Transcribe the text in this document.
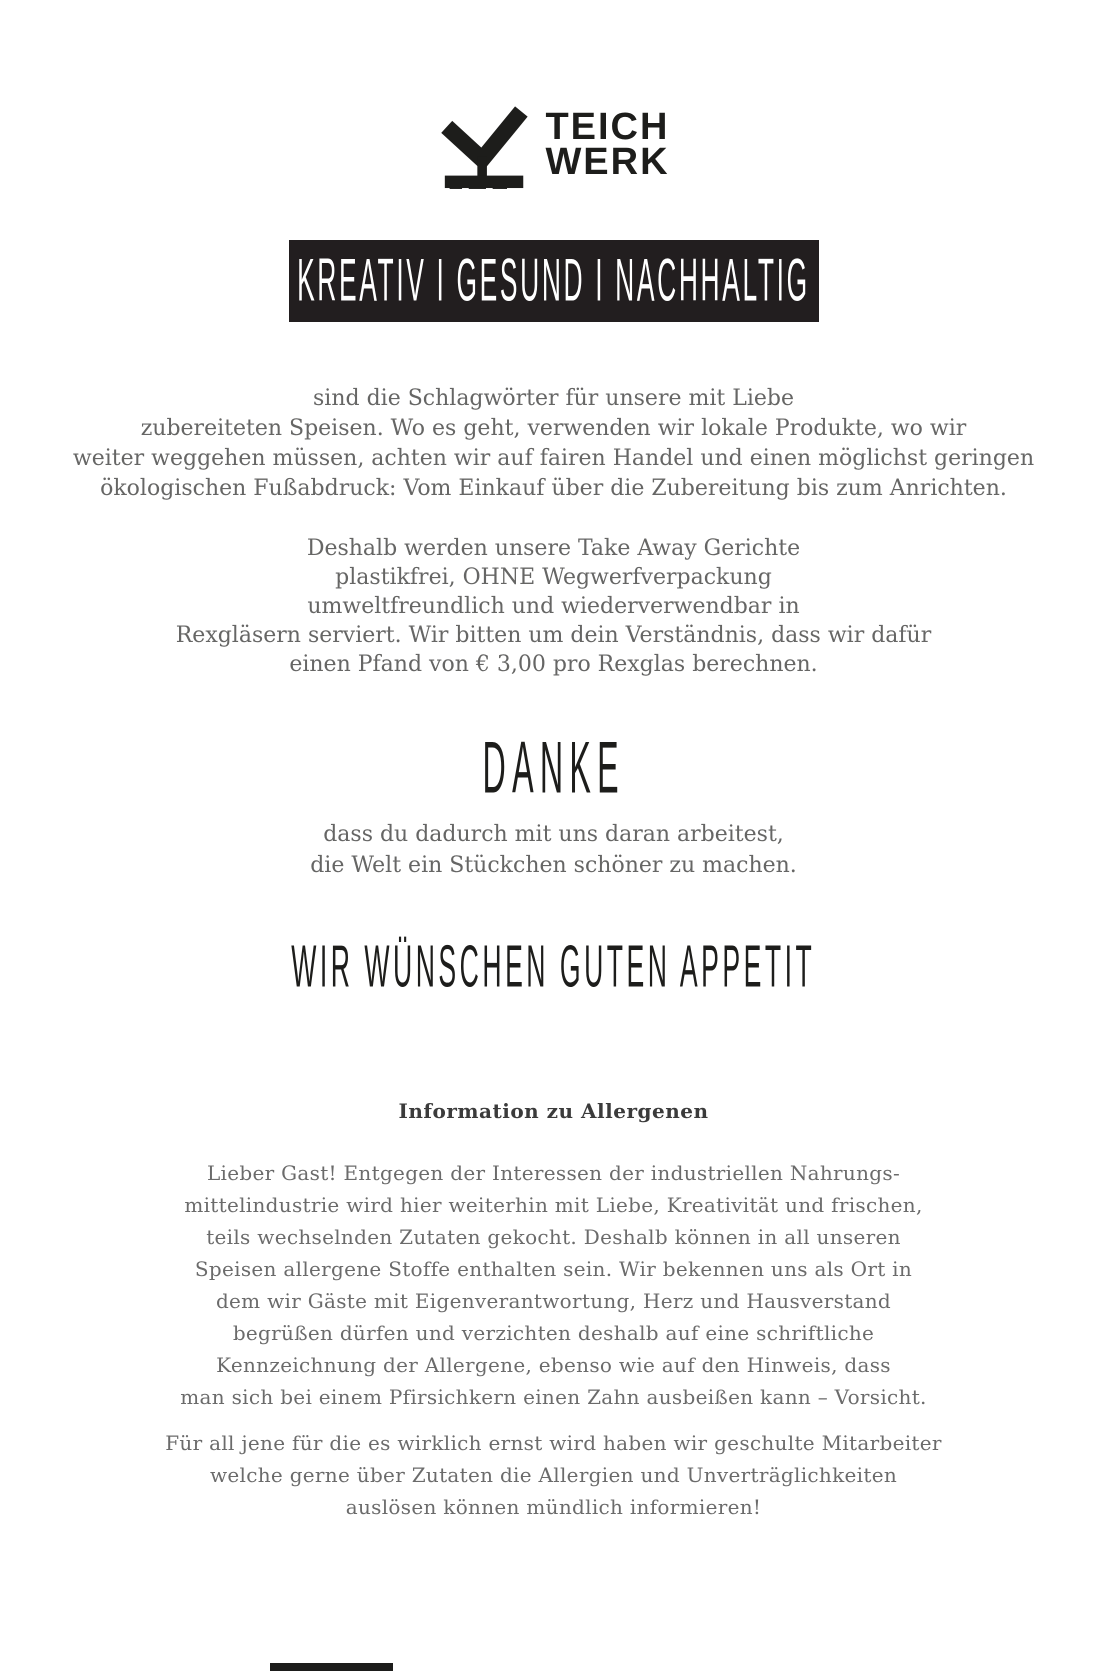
TEICH
WERK
KREATIV I GESUND I NACHHALTIG

sind die Schlagwörter für unsere mit Liebe
zubereiteten Speisen. Wo es geht, verwenden wir lokale Produkte, wo wir
weiter weggehen müssen, achten wir auf fairen Handel und einen möglichst geringen
ökologischen Fußabdruck: Vom Einkauf über die Zubereitung bis zum Anrichten.

Deshalb werden unsere Take Away Gerichte
plastikfrei, OHNE Wegwerfverpackung
umweltfreundlich und wiederverwendbar in
Rexgläsern serviert. Wir bitten um dein Verständnis, dass wir dafür
einen Pfand von € 3,00 pro Rexglas berechnen.

DANKE

dass du dadurch mit uns daran arbeitest,
die Welt ein Stückchen schöner zu machen.

WIR WÜNSCHEN GUTEN APPETIT
Information zu Allergenen

Lieber Gast! Entgegen der Interessen der industriellen Nahrungs-
mittelindustrie wird hier weiterhin mit Liebe, Kreativität und frischen,
teils wechselnden Zutaten gekocht. Deshalb können in all unseren
Speisen allergene Stoffe enthalten sein. Wir bekennen uns als Ort in
dem wir Gäste mit Eigenverantwortung, Herz und Hausverstand
begrüßen dürfen und verzichten deshalb auf eine schriftliche
Kennzeichnung der Allergene, ebenso wie auf den Hinweis, dass
man sich bei einem Pfirsichkern einen Zahn ausbeißen kann – Vorsicht.

Für all jene für die es wirklich ernst wird haben wir geschulte Mitarbeiter
welche gerne über Zutaten die Allergien und Unverträglichkeiten
auslösen können mündlich informieren!
